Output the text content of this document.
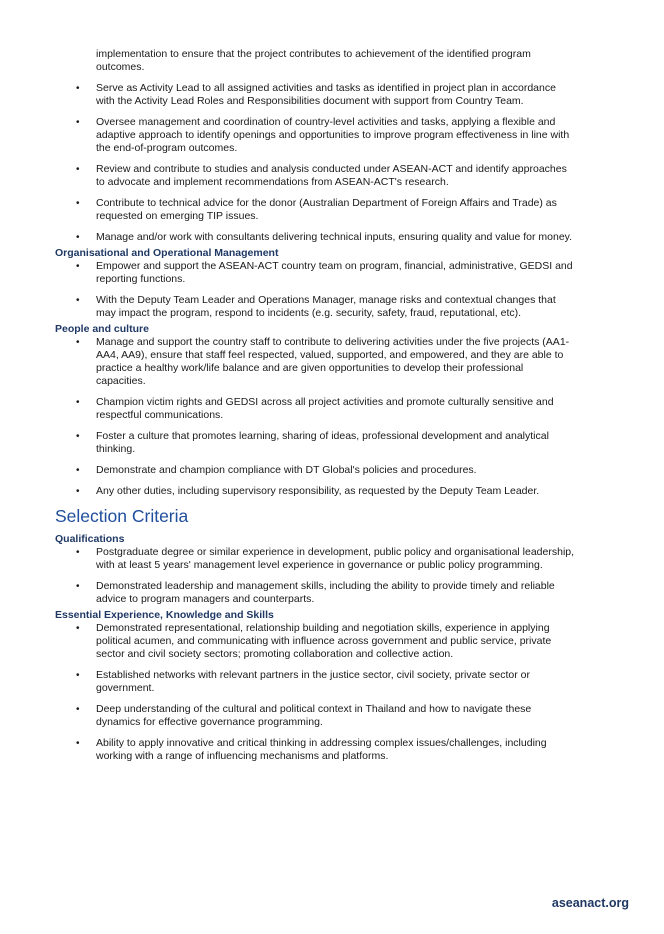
implementation to ensure that the project contributes to achievement of the identified program outcomes.

• Serve as Activity Lead to all assigned activities and tasks as identified in project plan in accordance with the Activity Lead Roles and Responsibilities document with support from Country Team.
• Oversee management and coordination of country-level activities and tasks, applying a flexible and adaptive approach to identify openings and opportunities to improve program effectiveness in line with the end-of-program outcomes.
• Review and contribute to studies and analysis conducted under ASEAN-ACT and identify approaches to advocate and implement recommendations from ASEAN-ACT's research.
• Contribute to technical advice for the donor (Australian Department of Foreign Affairs and Trade) as requested on emerging TIP issues.
• Manage and/or work with consultants delivering technical inputs, ensuring quality and value for money.
Organisational and Operational Management
• Empower and support the ASEAN-ACT country team on program, financial, administrative, GEDSI and reporting functions.
• With the Deputy Team Leader and Operations Manager, manage risks and contextual changes that may impact the program, respond to incidents (e.g. security, safety, fraud, reputational, etc).
People and culture
• Manage and support the country staff to contribute to delivering activities under the five projects (AA1-AA4, AA9), ensure that staff feel respected, valued, supported, and empowered, and they are able to practice a healthy work/life balance and are given opportunities to develop their professional capacities.
• Champion victim rights and GEDSI across all project activities and promote culturally sensitive and respectful communications.
• Foster a culture that promotes learning, sharing of ideas, professional development and analytical thinking.
• Demonstrate and champion compliance with DT Global's policies and procedures.
• Any other duties, including supervisory responsibility, as requested by the Deputy Team Leader.
Selection Criteria
Qualifications
• Postgraduate degree or similar experience in development, public policy and organisational leadership, with at least 5 years' management level experience in governance or public policy programming.
• Demonstrated leadership and management skills, including the ability to provide timely and reliable advice to program managers and counterparts.
Essential Experience, Knowledge and Skills
• Demonstrated representational, relationship building and negotiation skills, experience in applying political acumen, and communicating with influence across government and public service, private sector and civil society sectors; promoting collaboration and collective action.
• Established networks with relevant partners in the justice sector, civil society, private sector or government.
• Deep understanding of the cultural and political context in Thailand and how to navigate these dynamics for effective governance programming.
• Ability to apply innovative and critical thinking in addressing complex issues/challenges, including working with a range of influencing mechanisms and platforms.
aseanact.org
